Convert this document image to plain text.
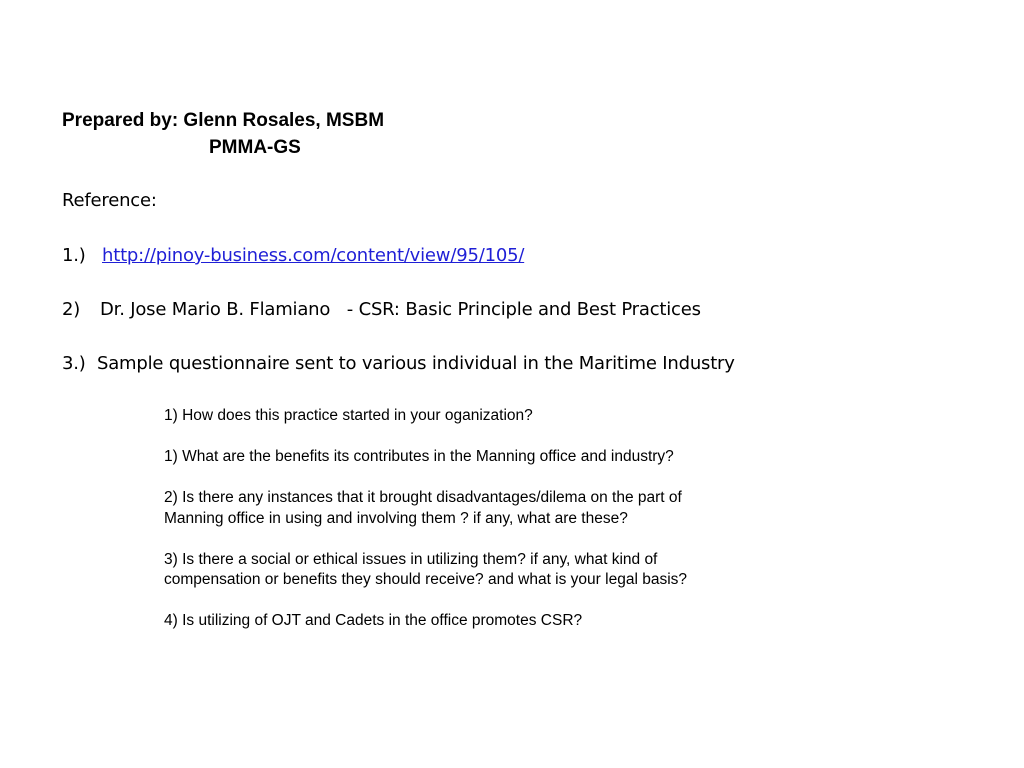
Prepared by: Glenn Rosales, MSBM
PMMA-GS
Reference:
1.) http://pinoy-business.com/content/view/95/105/
2) Dr. Jose Mario B. Flamiano   - CSR: Basic Principle and Best Practices
3.) Sample questionnaire sent to various individual in the Maritime Industry
1) How does this practice started in your oganization?
1) What are the benefits its contributes in the Manning office and industry?
2) Is there any instances that it brought disadvantages/dilema on the part of
Manning office in using and involving them ? if any, what are these?
3) Is there a social or ethical issues in utilizing them? if any, what kind of
compensation or benefits they should receive? and what is your legal basis?
4) Is utilizing of OJT and Cadets in the office promotes CSR?
